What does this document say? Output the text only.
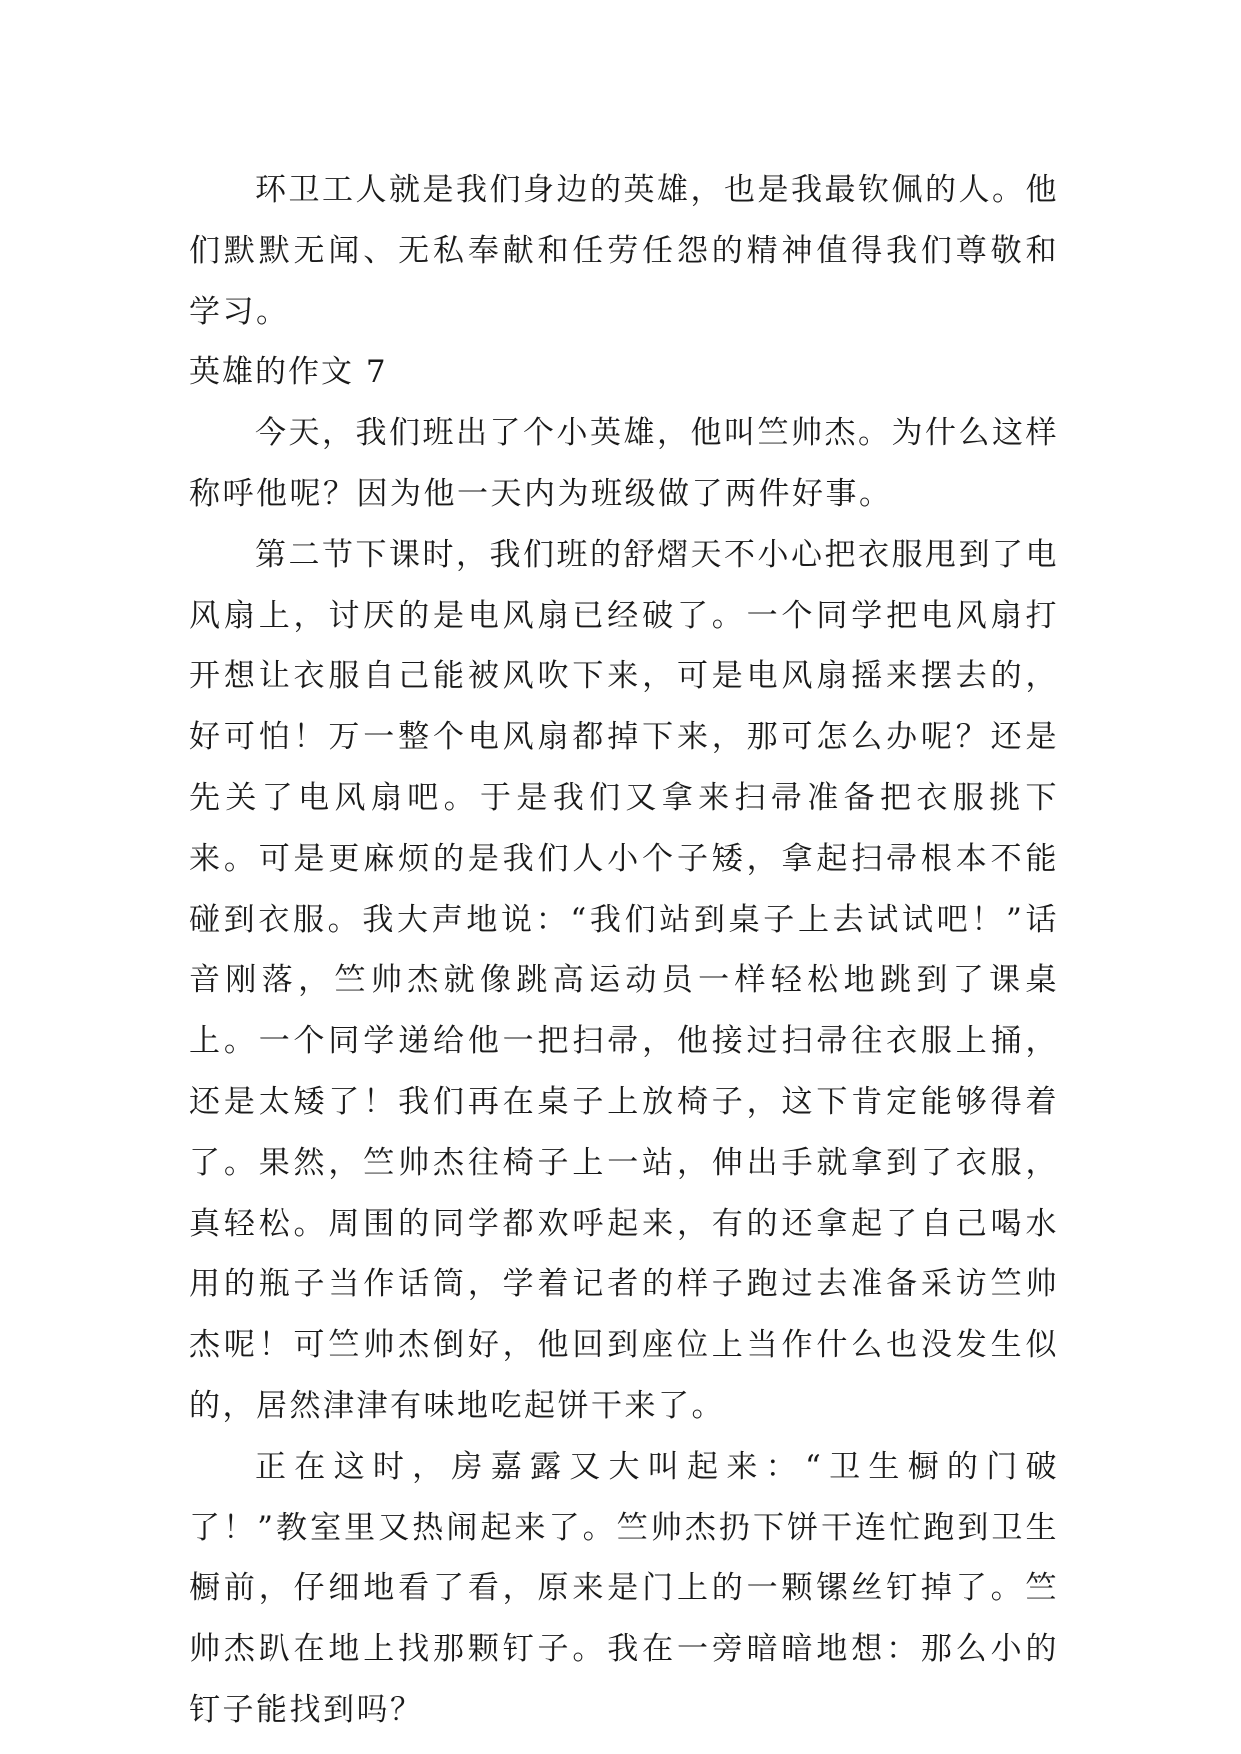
环卫工人就是我们身边的英雄，也是我最钦佩的人。他们默默无闻、无私奉献和任劳任怨的精神值得我们尊敬和学习。

英雄的作文 7

今天，我们班出了个小英雄，他叫竺帅杰。为什么这样称呼他呢？因为他一天内为班级做了两件好事。

第二节下课时，我们班的舒熠天不小心把衣服甩到了电风扇上，讨厌的是电风扇已经破了。一个同学把电风扇打开想让衣服自己能被风吹下来，可是电风扇摇来摆去的，好可怕！万一整个电风扇都掉下来，那可怎么办呢？还是先关了电风扇吧。于是我们又拿来扫帚准备把衣服挑下来。可是更麻烦的是我们人小个子矮，拿起扫帚根本不能碰到衣服。我大声地说：“我们站到桌子上去试试吧！”话音刚落，竺帅杰就像跳高运动员一样轻松地跳到了课桌上。一个同学递给他一把扫帚，他接过扫帚往衣服上捅，还是太矮了！我们再在桌子上放椅子，这下肯定能够得着了。果然，竺帅杰往椅子上一站，伸出手就拿到了衣服，真轻松。周围的同学都欢呼起来，有的还拿起了自己喝水用的瓶子当作话筒，学着记者的样子跑过去准备采访竺帅杰呢！可竺帅杰倒好，他回到座位上当作什么也没发生似的，居然津津有味地吃起饼干来了。

正在这时，房嘉露又大叫起来：“卫生橱的门破了！”教室里又热闹起来了。竺帅杰扔下饼干连忙跑到卫生橱前，仔细地看了看，原来是门上的一颗镙丝钉掉了。竺帅杰趴在地上找那颗钉子。我在一旁暗暗地想：那么小的钉子能找到吗？
